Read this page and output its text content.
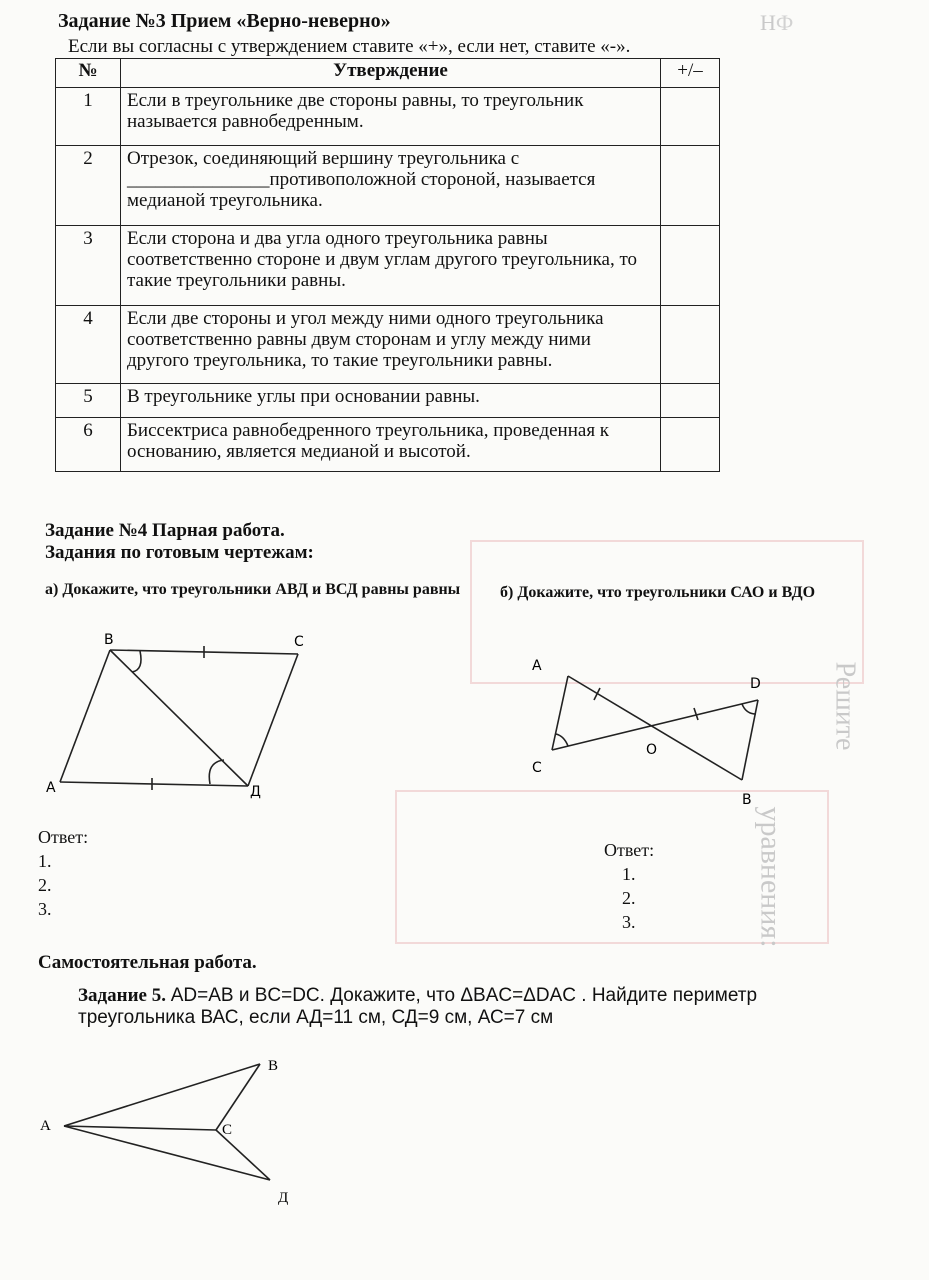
НФ
Решите
уравнения:
Задание №3 Прием «Верно-неверно»
Если вы согласны с утверждением ставите «+», если нет, ставите «-».
№	Утверждение	+/–
1	Если в треугольнике две стороны равны, то треугольник называется равнобедренным.	
2	Отрезок, соединяющий вершину треугольника с _______________противоположной стороной, называется медианой треугольника.	
3	Если сторона и два угла одного треугольника равны соответственно стороне и двум углам другого треугольника, то такие треугольники равны.	
4	Если две стороны и угол между ними одного треугольника соответственно равны двум сторонам и углу между ними другого треугольника, то такие треугольники равны.	
5	В треугольнике углы при основании равны.	
6	Биссектриса равнобедренного треугольника, проведенная к основанию, является медианой и высотой.	
Задание №4 Парная работа.
Задания по готовым чертежам:
а) Докажите, что треугольники АВД и ВСД равны равны	б) Докажите, что треугольники САО и ВДО
В	С
А	Д
А
D
O
C
B
Ответ:
1.
2.
3.
Ответ:
1.
2.
3.
Самостоятельная работа.
Задание 5. AD=AB и BC=DC. Докажите, что ΔBAC=ΔDAC . Найдите периметр треугольника ВАС, если АД=11 см, СД=9 см, АС=7 см
А
В
С
Д
